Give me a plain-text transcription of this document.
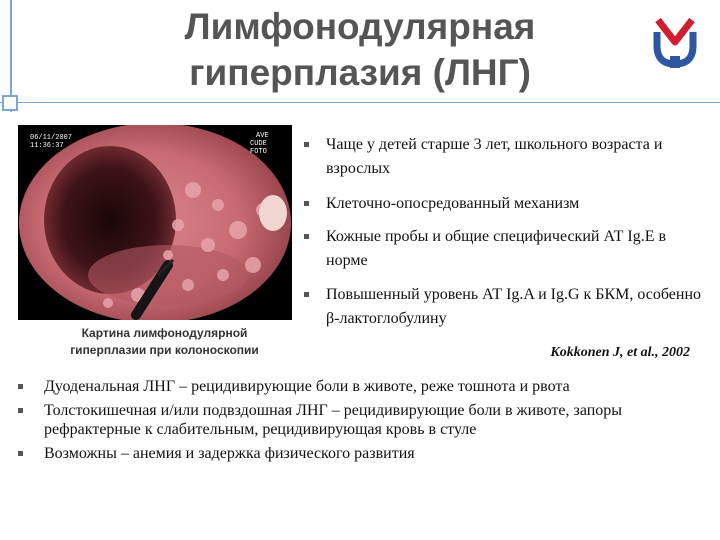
Лимфонодулярная
гиперплазия (ЛНГ)
06/11/2007
11:36:37
AVE
CUDE
FOTO
Картина лимфонодулярной
гиперплазии при колоноскопии
Чаще у детей старше 3 лет, школьного возраста и взрослых
Клеточно-опосредованный механизм
Кожные пробы и общие специфический АТ Ig.E в норме
Повышенный уровень АТ Ig.A и Ig.G к БКМ, особенно β-лактоглобулину
Kokkonen J, et al., 2002
Дуоденальная ЛНГ – рецидивирующие боли в животе, реже тошнота и рвота
Толстокишечная и/или подвздошная ЛНГ – рецидивирующие боли в животе, запоры рефрактерные к слабительным, рецидивирующая кровь в стуле
Возможны – анемия и задержка физического развития
